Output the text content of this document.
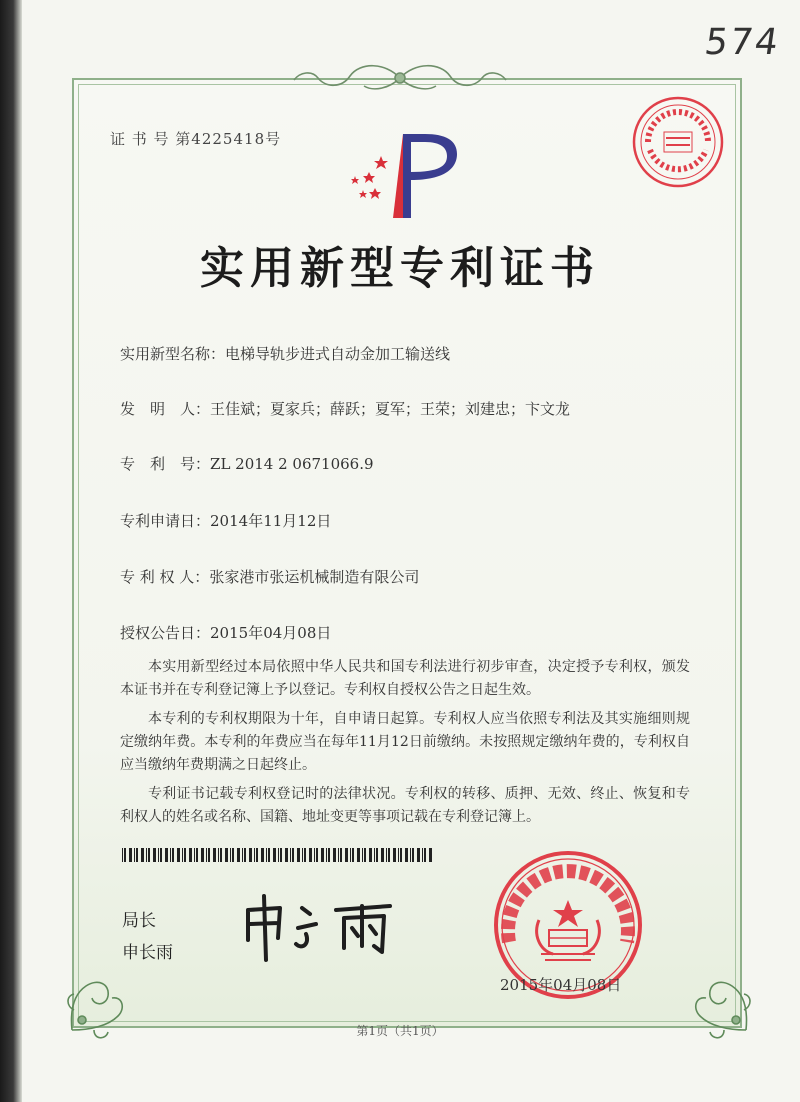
574
证 书 号 第4225418号
实用新型专利证书
实用新型名称：电梯导轨步进式自动金加工输送线
发　明　人：王佳斌；夏家兵；薛跃；夏军；王荣；刘建忠；卞文龙
专　利　号：ZL 2014 2 0671066.9
专利申请日：2014年11月12日
专 利 权 人：张家港市张运机械制造有限公司
授权公告日：2015年04月08日

本实用新型经过本局依照中华人民共和国专利法进行初步审查，决定授予专利权，颁发本证书并在专利登记簿上予以登记。专利权自授权公告之日起生效。

本专利的专利权期限为十年，自申请日起算。专利权人应当依照专利法及其实施细则规定缴纳年费。本专利的年费应当在每年11月12日前缴纳。未按照规定缴纳年费的，专利权自应当缴纳年费期满之日起终止。

专利证书记载专利权登记时的法律状况。专利权的转移、质押、无效、终止、恢复和专利权人的姓名或名称、国籍、地址变更等事项记载在专利登记簿上。

局长
申长雨
2015年04月08日
第1页（共1页）
